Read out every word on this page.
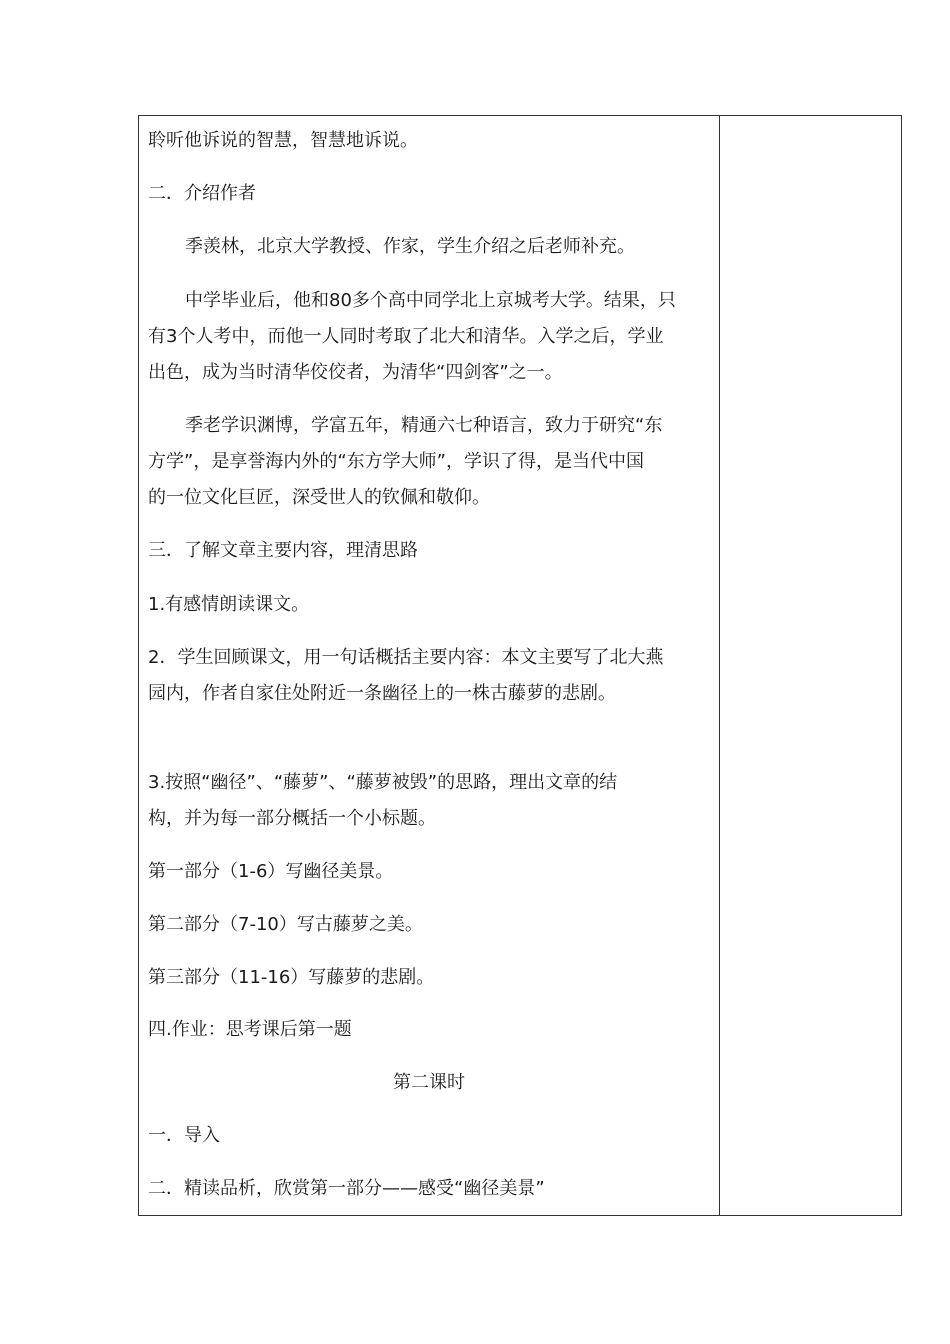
聆听他诉说的智慧，智慧地诉说。
二．介绍作者
季羡林，北京大学教授、作家，学生介绍之后老师补充。
中学毕业后，他和80多个高中同学北上京城考大学。结果，只
有3个人考中，而他一人同时考取了北大和清华。入学之后，学业
出色，成为当时清华佼佼者，为清华“四剑客”之一。
季老学识渊博，学富五年，精通六七种语言，致力于研究“东
方学”，是享誉海内外的“东方学大师”，学识了得，是当代中国
的一位文化巨匠，深受世人的钦佩和敬仰。
三．了解文章主要内容，理清思路
1.有感情朗读课文。
2．学生回顾课文，用一句话概括主要内容：本文主要写了北大燕
园内，作者自家住处附近一条幽径上的一株古藤萝的悲剧。
3.按照“幽径”、“藤萝”、“藤萝被毁”的思路，理出文章的结
构，并为每一部分概括一个小标题。
第一部分（1-6）写幽径美景。
第二部分（7-10）写古藤萝之美。
第三部分（11-16）写藤萝的悲剧。
四.作业：思考课后第一题
第二课时
一．导入
二．精读品析，欣赏第一部分——感受“幽径美景”
